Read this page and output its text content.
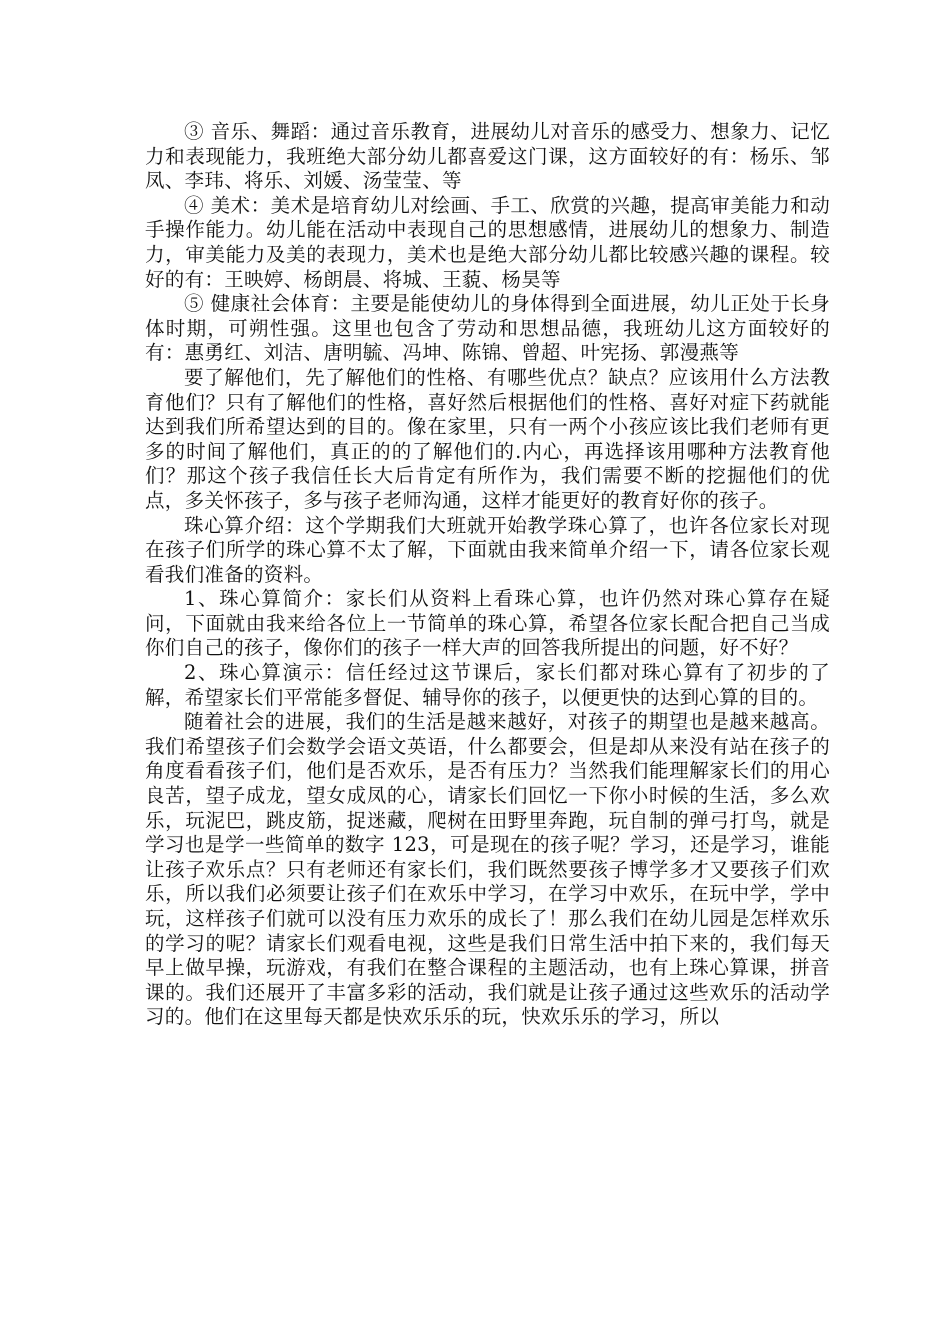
③ 音乐、舞蹈：通过音乐教育，进展幼儿对音乐的感受力、想象力、记忆力和表现能力，我班绝大部分幼儿都喜爱这门课，这方面较好的有：杨乐、邹凤、李玮、将乐、刘媛、汤莹莹、等

④ 美术：美术是培育幼儿对绘画、手工、欣赏的兴趣，提高审美能力和动手操作能力。幼儿能在活动中表现自己的思想感情，进展幼儿的想象力、制造力，审美能力及美的表现力，美术也是绝大部分幼儿都比较感兴趣的课程。较好的有：王映婷、杨朗晨、将城、王藐、杨昊等

⑤ 健康社会体育：主要是能使幼儿的身体得到全面进展，幼儿正处于长身体时期，可朔性强。这里也包含了劳动和思想品德，我班幼儿这方面较好的有：惠勇红、刘洁、唐明毓、冯坤、陈锦、曾超、叶宪扬、郭漫燕等

要了解他们，先了解他们的性格、有哪些优点？缺点？应该用什么方法教育他们？只有了解他们的性格，喜好然后根据他们的性格、喜好对症下药就能达到我们所希望达到的目的。像在家里，只有一两个小孩应该比我们老师有更多的时间了解他们，真正的的了解他们的.内心，再选择该用哪种方法教育他们？那这个孩子我信任长大后肯定有所作为，我们需要不断的挖掘他们的优点，多关怀孩子，多与孩子老师沟通，这样才能更好的教育好你的孩子。

珠心算介绍：这个学期我们大班就开始教学珠心算了，也许各位家长对现在孩子们所学的珠心算不太了解，下面就由我来简单介绍一下，请各位家长观看我们准备的资料。

1、珠心算简介：家长们从资料上看珠心算，也许仍然对珠心算存在疑问，下面就由我来给各位上一节简单的珠心算，希望各位家长配合把自己当成你们自己的孩子，像你们的孩子一样大声的回答我所提出的问题，好不好？

2、珠心算演示：信任经过这节课后，家长们都对珠心算有了初步的了解，希望家长们平常能多督促、辅导你的孩子，以便更快的达到心算的目的。

随着社会的进展，我们的生活是越来越好，对孩子的期望也是越来越高。我们希望孩子们会数学会语文英语，什么都要会，但是却从来没有站在孩子的角度看看孩子们，他们是否欢乐，是否有压力？当然我们能理解家长们的用心良苦，望子成龙，望女成凤的心，请家长们回忆一下你小时候的生活，多么欢乐，玩泥巴，跳皮筋，捉迷藏，爬树在田野里奔跑，玩自制的弹弓打鸟，就是学习也是学一些简单的数字 123，可是现在的孩子呢？学习，还是学习，谁能让孩子欢乐点？只有老师还有家长们，我们既然要孩子博学多才又要孩子们欢乐，所以我们必须要让孩子们在欢乐中学习，在学习中欢乐，在玩中学，学中玩，这样孩子们就可以没有压力欢乐的成长了！那么我们在幼儿园是怎样欢乐的学习的呢？请家长们观看电视，这些是我们日常生活中拍下来的，我们每天早上做早操，玩游戏，有我们在整合课程的主题活动，也有上珠心算课，拼音课的。我们还展开了丰富多彩的活动，我们就是让孩子通过这些欢乐的活动学习的。他们在这里每天都是快欢乐乐的玩，快欢乐乐的学习，所以
